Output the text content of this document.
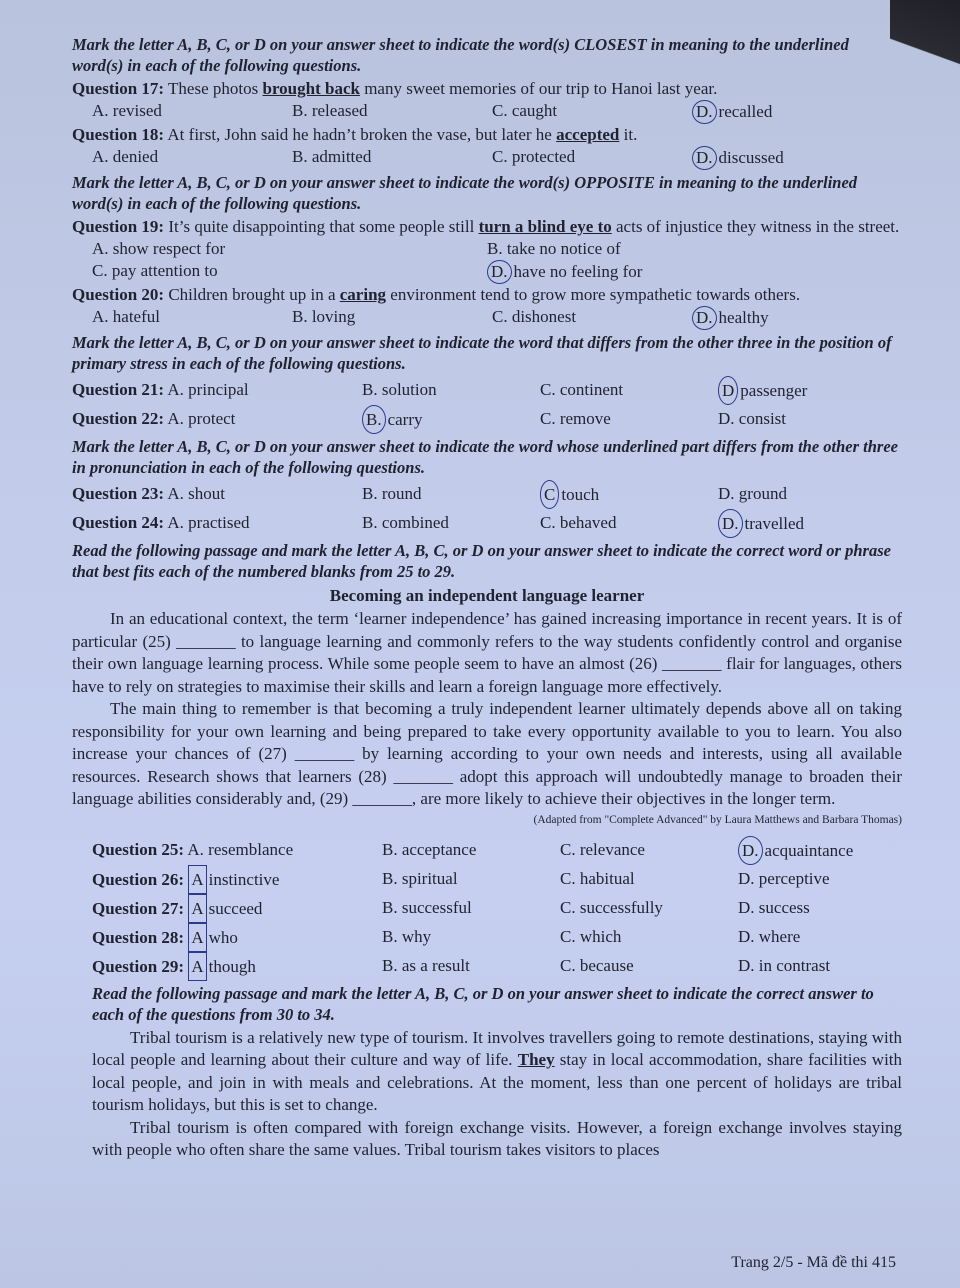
Mark the letter A, B, C, or D on your answer sheet to indicate the word(s) CLOSEST in meaning to the underlined word(s) in each of the following questions.

Question 17: These photos brought back many sweet memories of our trip to Hanoi last year.

A. revised	B. released	C. caught	D. recalled

Question 18: At first, John said he hadn’t broken the vase, but later he accepted it.

A. denied	B. admitted	C. protected	D. discussed

Mark the letter A, B, C, or D on your answer sheet to indicate the word(s) OPPOSITE in meaning to the underlined word(s) in each of the following questions.

Question 19: It’s quite disappointing that some people still turn a blind eye to acts of injustice they witness in the street.

A. show respect for	B. take no notice of
C. pay attention to	D. have no feeling for

Question 20: Children brought up in a caring environment tend to grow more sympathetic towards others.

A. hateful	B. loving	C. dishonest	D. healthy

Mark the letter A, B, C, or D on your answer sheet to indicate the word that differs from the other three in the position of primary stress in each of the following questions.

Question 21: A. principal	B. solution	C. continent	D passenger
Question 22: A. protect	B. carry	C. remove	D. consist

Mark the letter A, B, C, or D on your answer sheet to indicate the word whose underlined part differs from the other three in pronunciation in each of the following questions.

Question 23: A. shout	B. round	C touch	D. ground
Question 24: A. practised	B. combined	C. behaved	D. travelled

Read the following passage and mark the letter A, B, C, or D on your answer sheet to indicate the correct word or phrase that best fits each of the numbered blanks from 25 to 29.

Becoming an independent language learner

In an educational context, the term ‘learner independence’ has gained increasing importance in recent years. It is of particular (25) _______ to language learning and commonly refers to the way students confidently control and organise their own language learning process. While some people seem to have an almost (26) _______ flair for languages, others have to rely on strategies to maximise their skills and learn a foreign language more effectively.

The main thing to remember is that becoming a truly independent learner ultimately depends above all on taking responsibility for your own learning and being prepared to take every opportunity available to you to learn. You also increase your chances of (27) _______ by learning according to your own needs and interests, using all available resources. Research shows that learners (28) _______ adopt this approach will undoubtedly manage to broaden their language abilities considerably and, (29) _______, are more likely to achieve their objectives in the longer term.

(Adapted from "Complete Advanced" by Laura Matthews and Barbara Thomas)
Question 25: A. resemblance	B. acceptance	C. relevance	D. acquaintance
Question 26: A instinctive	B. spiritual	C. habitual	D. perceptive
Question 27: A succeed	B. successful	C. successfully	D. success
Question 28: A who	B. why	C. which	D. where
Question 29: A though	B. as a result	C. because	D. in contrast

Read the following passage and mark the letter A, B, C, or D on your answer sheet to indicate the correct answer to each of the questions from 30 to 34.

Tribal tourism is a relatively new type of tourism. It involves travellers going to remote destinations, staying with local people and learning about their culture and way of life. They stay in local accommodation, share facilities with local people, and join in with meals and celebrations. At the moment, less than one percent of holidays are tribal tourism holidays, but this is set to change.

Tribal tourism is often compared with foreign exchange visits. However, a foreign exchange involves staying with people who often share the same values. Tribal tourism takes visitors to places

Trang 2/5 - Mã đề thi 415
